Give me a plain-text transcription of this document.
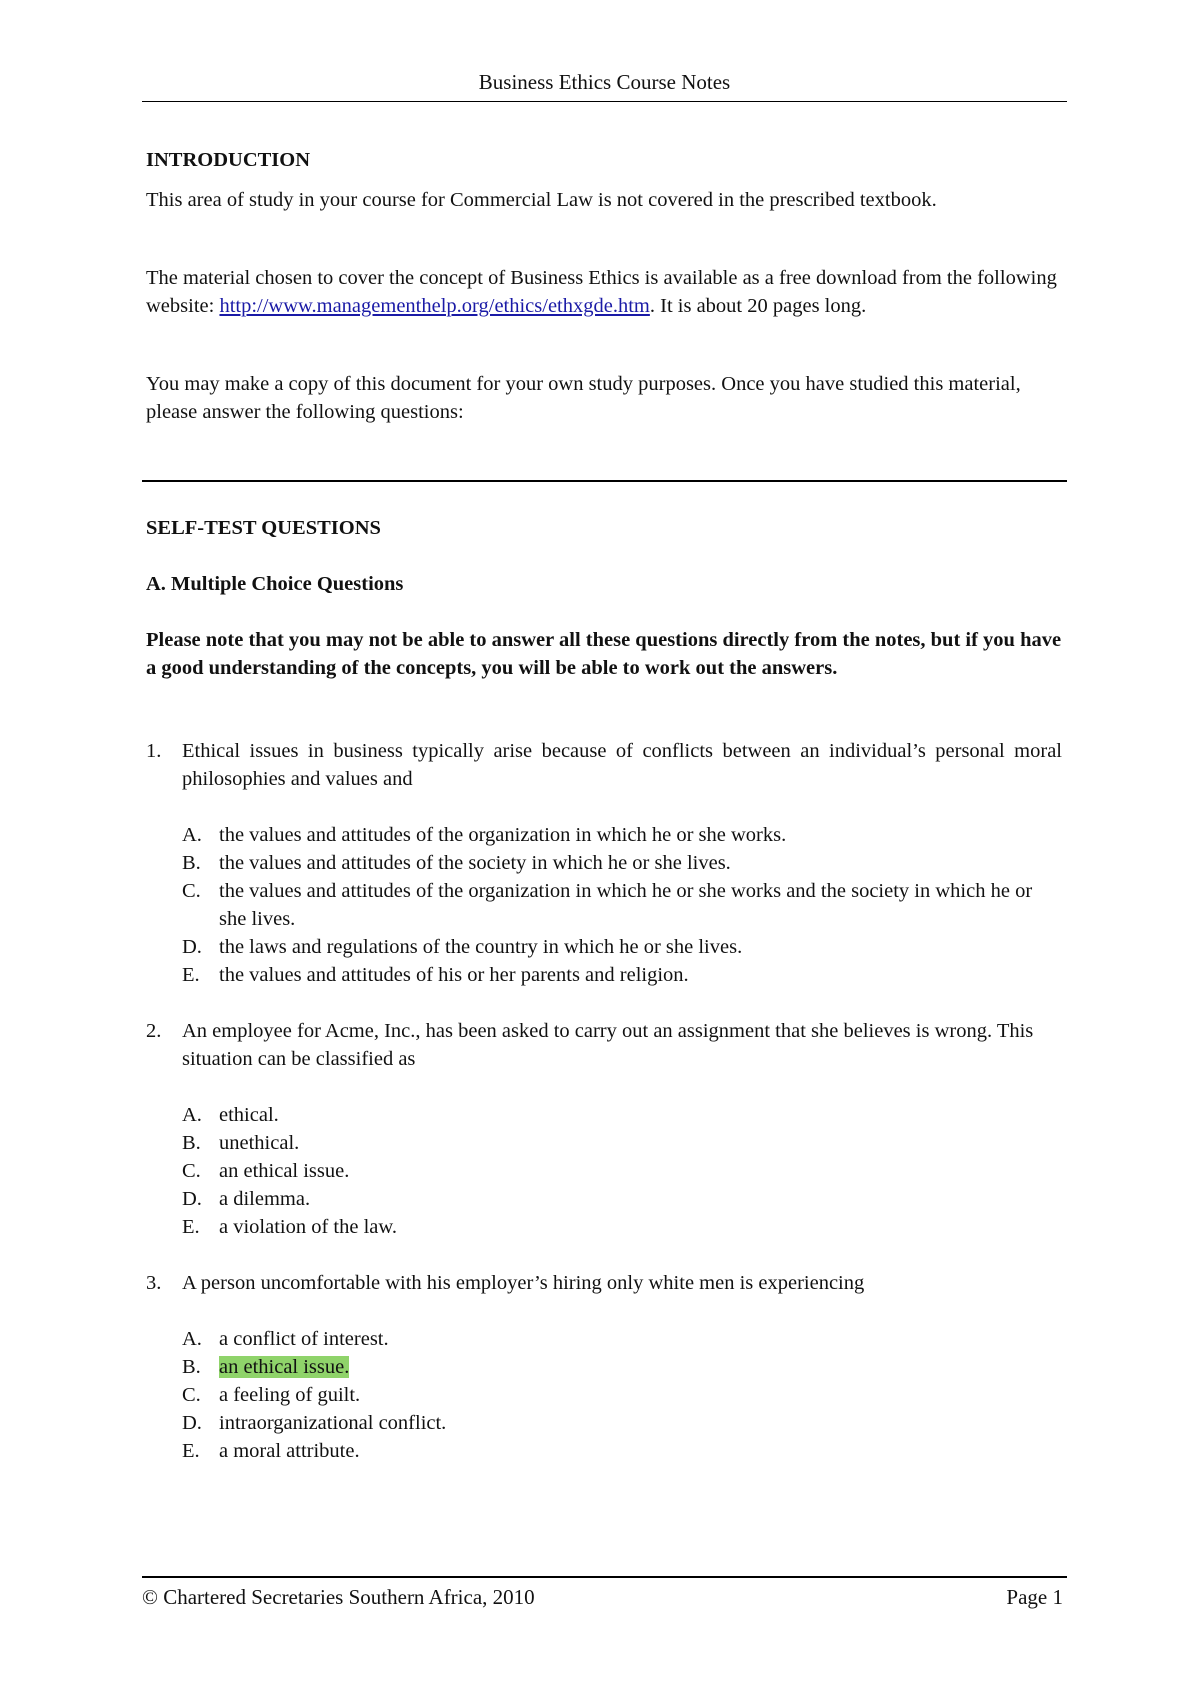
Business Ethics Course Notes
INTRODUCTION
This area of study in your course for Commercial Law is not covered in the prescribed textbook.
The material chosen to cover the concept of Business Ethics is available as a free download from the following website: http://www.managementhelp.org/ethics/ethxgde.htm. It is about 20 pages long.
You may make a copy of this document for your own study purposes. Once you have studied this material, please answer the following questions:
SELF-TEST QUESTIONS
A. Multiple Choice Questions
Please note that you may not be able to answer all these questions directly from the notes, but if you have a good understanding of the concepts, you will be able to work out the answers.
1. Ethical issues in business typically arise because of conflicts between an individual’s personal moral philosophies and values and
A. the values and attitudes of the organization in which he or she works.
B. the values and attitudes of the society in which he or she lives.
C. the values and attitudes of the organization in which he or she works and the society in which he or she lives.
D. the laws and regulations of the country in which he or she lives.
E. the values and attitudes of his or her parents and religion.
2. An employee for Acme, Inc., has been asked to carry out an assignment that she believes is wrong. This situation can be classified as
A. ethical.
B. unethical.
C. an ethical issue.
D. a dilemma.
E. a violation of the law.
3. A person uncomfortable with his employer’s hiring only white men is experiencing
A. a conflict of interest.
B. an ethical issue.
C. a feeling of guilt.
D. intraorganizational conflict.
E. a moral attribute.
© Chartered Secretaries Southern Africa, 2010	Page 1
